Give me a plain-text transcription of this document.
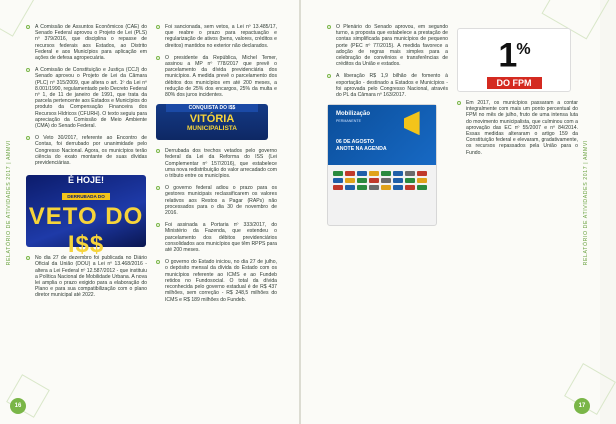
RELATÓRIO DE ATIVIDADES 2017 | AMMVI
A Comissão de Assuntos Econômicos (CAE) do Senado Federal aprovou o Projeto de Lei (PLS) nº 379/2016, que disciplina o repasse de recursos federais aos Estados, ao Distrito Federal e aos Municípios para aplicação em ações de defesa agropecuária.
A Comissão de Constituição e Justiça (CCJ) do Senado aprovou o Projeto de Lei da Câmara (PLC) nº 315/2009, que altera o art. 1º da Lei nº 8.001/1990, regulamentado pelo Decreto Federal nº 1, de 11 de janeiro de 1991, que trata da parcela pertencente aos Estados e Municípios do produto da Compensação Financeira dos Recursos Hídricos (CFURH). O texto seguiu para apreciação da Comissão de Meio Ambiente (CMA) do Senado Federal.
O Veto 30/2017, referente ao Encontro de Contas, foi derrubado por unanimidade pelo Congresso Nacional. Agora, os municípios terão ciência do exato montante de suas dívidas previdenciárias.
É HOJE!
DERRUBADA DO
VETO DO I$$
No dia 27 de dezembro foi publicada no Diário Oficial da União (DOU) a Lei nº 13.468/2016 - altera a Lei Federal nº 12.587/2012 - que instituiu a Política Nacional de Mobilidade Urbana. A nova lei amplia o prazo exigido para a elaboração do Plano e para sua compatibilização com o plano diretor municipal até 2022.
Foi sancionada, sem vetos, a Lei nº 13.485/17, que reabre o prazo para repactuação e regularização de ativos (bens, valores, créditos e direitos) mantidos no exterior não declarados.
O presidente da República, Michel Temer, assinou a MP nº 778/2017 que prevê o parcelamento da dívida previdenciária dos municípios. A medida prevê o parcelamento dos débitos dos municípios em até 200 meses, a redução de 25% dos encargos, 25% da multa e 80% dos juros incidentes.
CONQUISTA DO I$$
VITÓRIA
MUNICIPALISTA
Derrubada dos trechos vetados pelo governo federal da Lei da Reforma do ISS (Lei Complementar nº 157/2016), que estabelece uma nova redistribuição do valor arrecadado com o tributo entre os municípios.
O governo federal adiou o prazo para os gestores municipais reclassificarem os valores relativos aos Restos a Pagar (RAPs) não processados para o dia 30 de novembro de 2016.
Foi assinada a Portaria nº 333/2017, do Ministério da Fazenda, que estendeu o parcelamento dos débitos previdenciários consolidados aos municípios que têm RPPS para até 200 meses.
O governo do Estado iniciou, no dia 27 de julho, o depósito mensal da dívida do Estado com os municípios referente ao ICMS e ao Fundeb retidos no Fundosocial. O total da dívida reconhecida pelo governo estadual é de R$ 437 milhões, sem correção - R$ 248,5 milhões do ICMS e R$ 189 milhões do Fundeb.
16
RELATÓRIO DE ATIVIDADES 2017 | AMMVI
O Plenário do Senado aprovou, em segundo turno, a proposta que estabelece a prestação de contas simplificada para municípios de pequeno porte (PEC nº 77/2015). A medida favorece a adoção de regras mais simples para a celebração de convênios e transferências de créditos da União e estados.
A liberação R$ 1,9 bilhão de fomento à exportação - destinado a Estados e Municípios - foi aprovada pelo Congresso Nacional, através do PL da Câmara nº 163/2017.
Mobilização
PERMANENTE
06 DE AGOSTO
ANOTE NA AGENDA
1%
DO FPM
Em 2017, os municípios passaram a contar integralmente com mais um ponto percentual do FPM no mês de julho, fruto de uma intensa luta do movimento municipalista, que culminou com a aprovação das EC nº 55/2007 e nº 84/2014. Essas medidas alteraram o artigo 159 da Constituição federal e elevaram, gradativamente, os recursos repassados pela União para o Fundo.
17
